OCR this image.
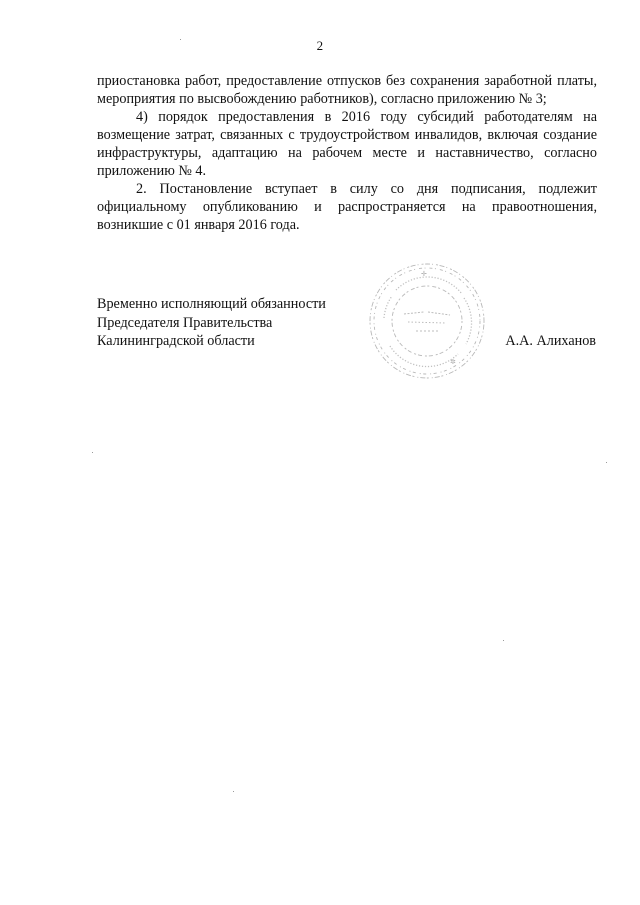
2

приостановка работ, предоставление отпусков без сохранения заработной платы, мероприятия по высвобождению работников), согласно приложению № 3;

4) порядок предоставления в 2016 году субсидий работодателям на возмещение затрат, связанных с трудоустройством инвалидов, включая создание инфраструктуры, адаптацию на рабочем месте и наставничество, согласно приложению № 4.

2. Постановление вступает в силу со дня подписания, подлежит официальному опубликованию и распространяется на правоотношения, возникшие с 01 января 2016 года.

Временно исполняющий обязанности
Председателя Правительства
Калининградской области
✛
✲
А.А. Алиханов
